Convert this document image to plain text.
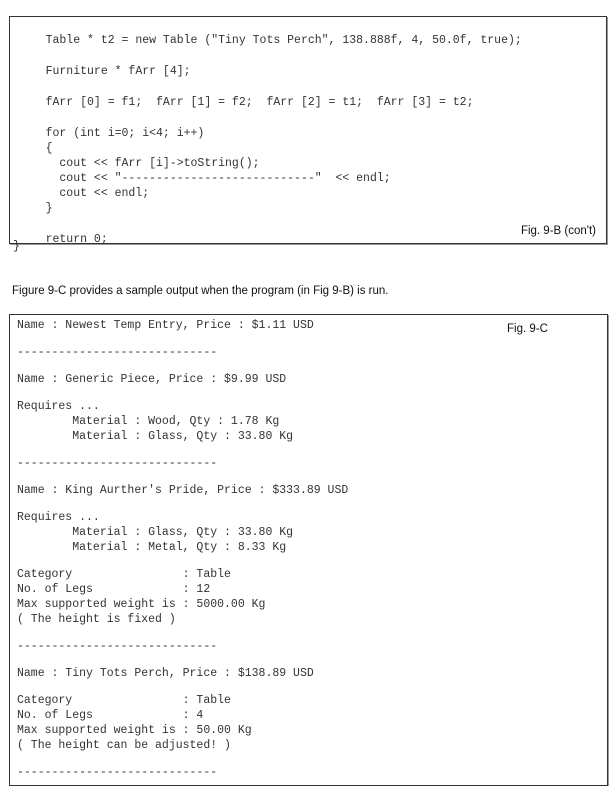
Table * t2 = new Table ("Tiny Tots Perch", 138.888f, 4, 50.0f, true);
Furniture * fArr [4];
fArr [0] = f1;  fArr [1] = f2;  fArr [2] = t1;  fArr [3] = t2;
for (int i=0; i<4; i++)
{
cout << fArr [i]->toString();
cout << "----------------------------"  << endl;
cout << endl;
}
return 0;
Fig. 9-B (con't)
}
Figure 9-C provides a sample output when the program (in Fig 9-B) is run.
Name : Newest Temp Entry, Price : $1.11 USD
-----------------------------
Name : Generic Piece, Price : $9.99 USD
Requires ...
Material : Wood, Qty : 1.78 Kg
Material : Glass, Qty : 33.80 Kg
-----------------------------
Name : King Aurther's Pride, Price : $333.89 USD
Requires ...
Material : Glass, Qty : 33.80 Kg
Material : Metal, Qty : 8.33 Kg
Category                : Table
No. of Legs             : 12
Max supported weight is : 5000.00 Kg
( The height is fixed )
-----------------------------
Name : Tiny Tots Perch, Price : $138.89 USD
Category                : Table
No. of Legs             : 4
Max supported weight is : 50.00 Kg
( The height can be adjusted! )
-----------------------------
Fig. 9-C
